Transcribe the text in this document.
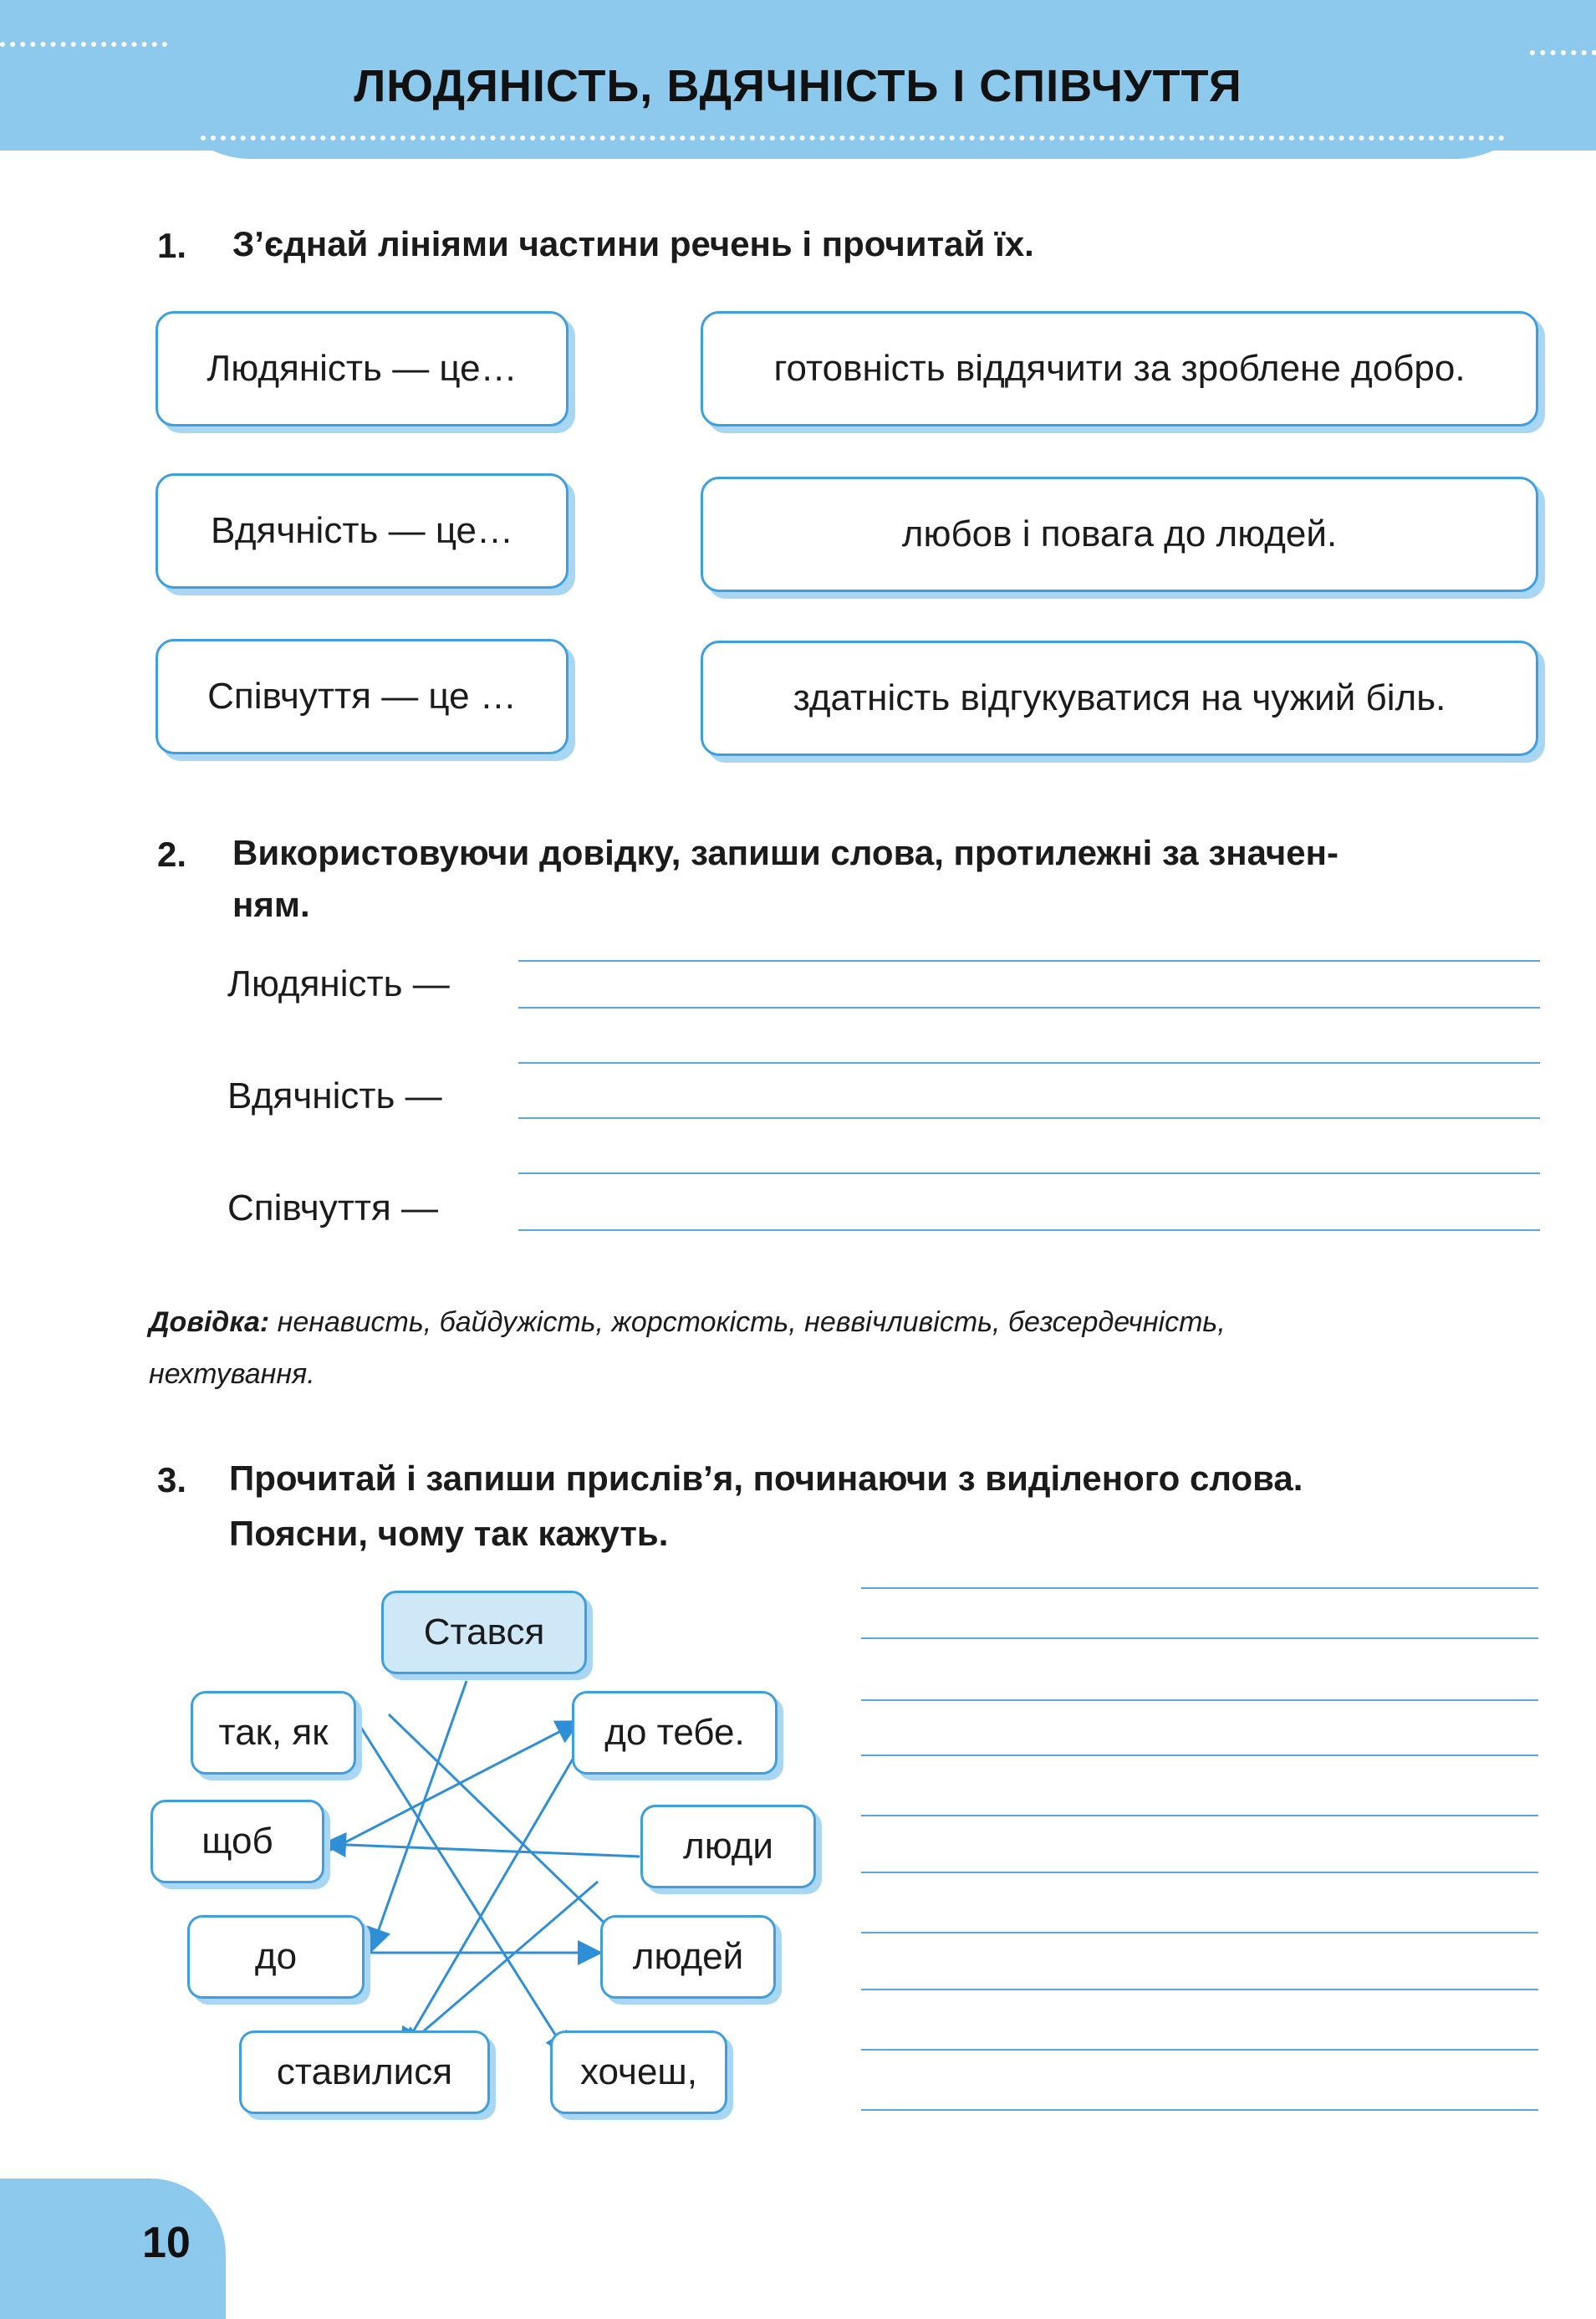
ЛЮДЯНІСТЬ, ВДЯЧНІСТЬ І СПІВЧУТТЯ
1. З’єднай лініями частини речень і прочитай їх.
Людяність — це…
Вдячність — це…
Співчуття — це …
готовність віддячити за зроблене добро.
любов і повага до людей.
здатність відгукуватися на чужий біль.
2. Використовуючи довідку, запиши слова, протилежні за значен-
ням.
Людяність —
Вдячність —
Співчуття —
Довідка: ненависть, байдужість, жорстокість, неввічливість, безсердечність,
нехтування.
3. Прочитай і запиши прислів’я, починаючи з виділеного слова.
Поясни, чому так кажуть.
Стався
так, як	до тебе.
щоб	люди
до	людей
ставилися	хочеш,
10
